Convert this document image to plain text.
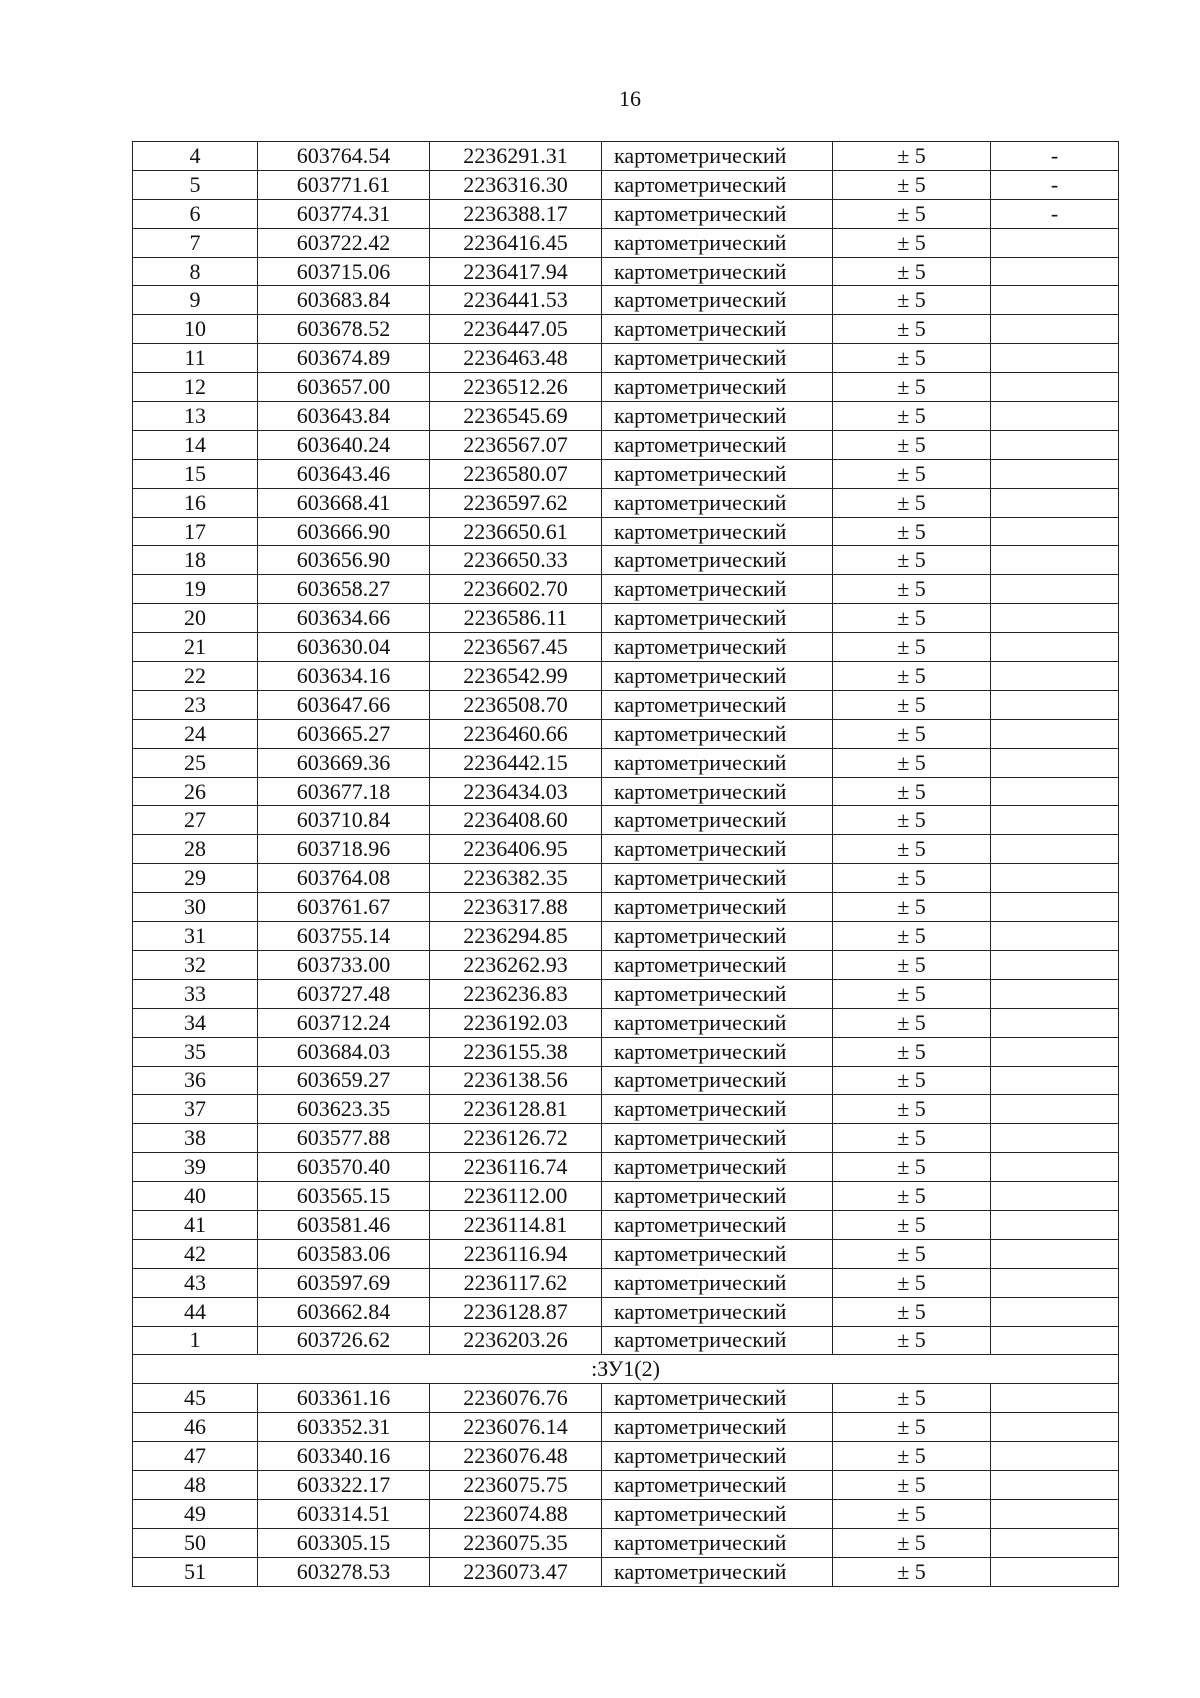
16
4	603764.54	2236291.31	картометрический	± 5	-
5	603771.61	2236316.30	картометрический	± 5	-
6	603774.31	2236388.17	картометрический	± 5	-
7	603722.42	2236416.45	картометрический	± 5	
8	603715.06	2236417.94	картометрический	± 5	
9	603683.84	2236441.53	картометрический	± 5	
10	603678.52	2236447.05	картометрический	± 5	
11	603674.89	2236463.48	картометрический	± 5	
12	603657.00	2236512.26	картометрический	± 5	
13	603643.84	2236545.69	картометрический	± 5	
14	603640.24	2236567.07	картометрический	± 5	
15	603643.46	2236580.07	картометрический	± 5	
16	603668.41	2236597.62	картометрический	± 5	
17	603666.90	2236650.61	картометрический	± 5	
18	603656.90	2236650.33	картометрический	± 5	
19	603658.27	2236602.70	картометрический	± 5	
20	603634.66	2236586.11	картометрический	± 5	
21	603630.04	2236567.45	картометрический	± 5	
22	603634.16	2236542.99	картометрический	± 5	
23	603647.66	2236508.70	картометрический	± 5	
24	603665.27	2236460.66	картометрический	± 5	
25	603669.36	2236442.15	картометрический	± 5	
26	603677.18	2236434.03	картометрический	± 5	
27	603710.84	2236408.60	картометрический	± 5	
28	603718.96	2236406.95	картометрический	± 5	
29	603764.08	2236382.35	картометрический	± 5	
30	603761.67	2236317.88	картометрический	± 5	
31	603755.14	2236294.85	картометрический	± 5	
32	603733.00	2236262.93	картометрический	± 5	
33	603727.48	2236236.83	картометрический	± 5	
34	603712.24	2236192.03	картометрический	± 5	
35	603684.03	2236155.38	картометрический	± 5	
36	603659.27	2236138.56	картометрический	± 5	
37	603623.35	2236128.81	картометрический	± 5	
38	603577.88	2236126.72	картометрический	± 5	
39	603570.40	2236116.74	картометрический	± 5	
40	603565.15	2236112.00	картометрический	± 5	
41	603581.46	2236114.81	картометрический	± 5	
42	603583.06	2236116.94	картометрический	± 5	
43	603597.69	2236117.62	картометрический	± 5	
44	603662.84	2236128.87	картометрический	± 5	
1	603726.62	2236203.26	картометрический	± 5	
:ЗУ1(2)					
45	603361.16	2236076.76	картометрический	± 5	
46	603352.31	2236076.14	картометрический	± 5	
47	603340.16	2236076.48	картометрический	± 5	
48	603322.17	2236075.75	картометрический	± 5	
49	603314.51	2236074.88	картометрический	± 5	
50	603305.15	2236075.35	картометрический	± 5	
51	603278.53	2236073.47	картометрический	± 5	
